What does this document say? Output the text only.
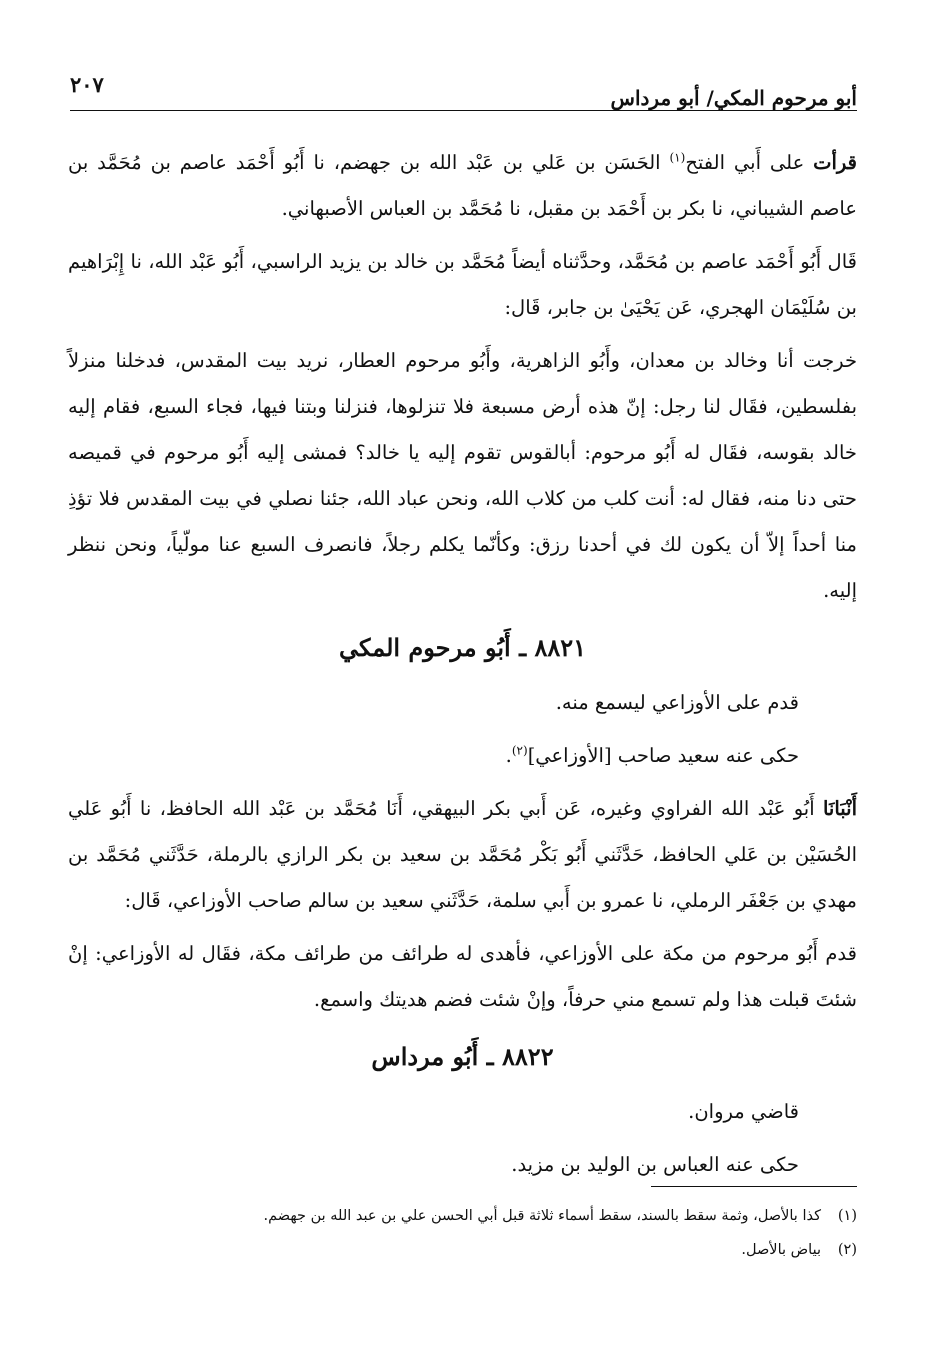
٢٠٧
أبو مرحوم المكي/ أبو مرداس

قرأت على أَبي الفتح$^{(١)}$ الحَسَن بن عَلي بن عَبْد الله بن جهضم، نا أَبُو أَحْمَد عاصم بن مُحَمَّد بن عاصم الشيباني، نا بكر بن أَحْمَد بن مقبل، نا مُحَمَّد بن العباس الأصبهاني.

قَال أَبُو أَحْمَد عاصم بن مُحَمَّد، وحدَّثناه أيضاً مُحَمَّد بن خالد بن يزيد الراسبي، أَبُو عَبْد الله، نا إِبْرَاهيم بن سُلَيْمَان الهجري، عَن يَحْيَىٰ بن جابر، قَال:

خرجت أنا وخالد بن معدان، وأَبُو الزاهرية، وأَبُو مرحوم العطار، نريد بيت المقدس، فدخلنا منزلاً بفلسطين، فقَال لنا رجل: إنّ هذه أرض مسبعة فلا تنزلوها، فنزلنا وبتنا فيها، فجاء السبع، فقام إليه خالد بقوسه، فقَال له أَبُو مرحوم: أبالقوس تقوم إليه يا خالد؟ فمشى إليه أَبُو مرحوم في قميصه حتى دنا منه، فقال له: أنت كلب من كلاب الله، ونحن عباد الله، جئنا نصلي في بيت المقدس فلا تؤذِ منا أحداً إلاّ أن يكون لك في أحدنا رزق: وكأنّما يكلم رجلاً، فانصرف السبع عنا مولّياً، ونحن ننظر إليه.

٨٨٢١ ـ أَبُو مرحوم المكي

قدم على الأوزاعي ليسمع منه.

حكى عنه سعيد صاحب [الأوزاعي]$^{(٢)}$.

أَنْبَانَا أَبُو عَبْد الله الفراوي وغيره، عَن أَبي بكر البيهقي، أَنَا مُحَمَّد بن عَبْد الله الحافظ، نا أَبُو عَلي الحُسَيْن بن عَلي الحافظ، حَدَّثَني أَبُو بَكْر مُحَمَّد بن سعيد بن بكر الرازي بالرملة، حَدَّثَني مُحَمَّد بن مهدي بن جَعْفَر الرملي، نا عمرو بن أَبي سلمة، حَدَّثَني سعيد بن سالم صاحب الأوزاعي، قَال:

قدم أَبُو مرحوم من مكة على الأوزاعي، فأهدى له طرائف من طرائف مكة، فقَال له الأوزاعي: إنْ شئتَ قبلت هذا ولم تسمع مني حرفاً، وإنْ شئت فضم هديتك واسمع.

٨٨٢٢ ـ أَبُو مرداس

قاضي مروان.

حكى عنه العباس بن الوليد بن مزيد.

(١)كذا بالأصل، وثمة سقط بالسند، سقط أسماء ثلاثة قبل أبي الحسن علي بن عبد الله بن جهضم.

(٢)بياض بالأصل.
